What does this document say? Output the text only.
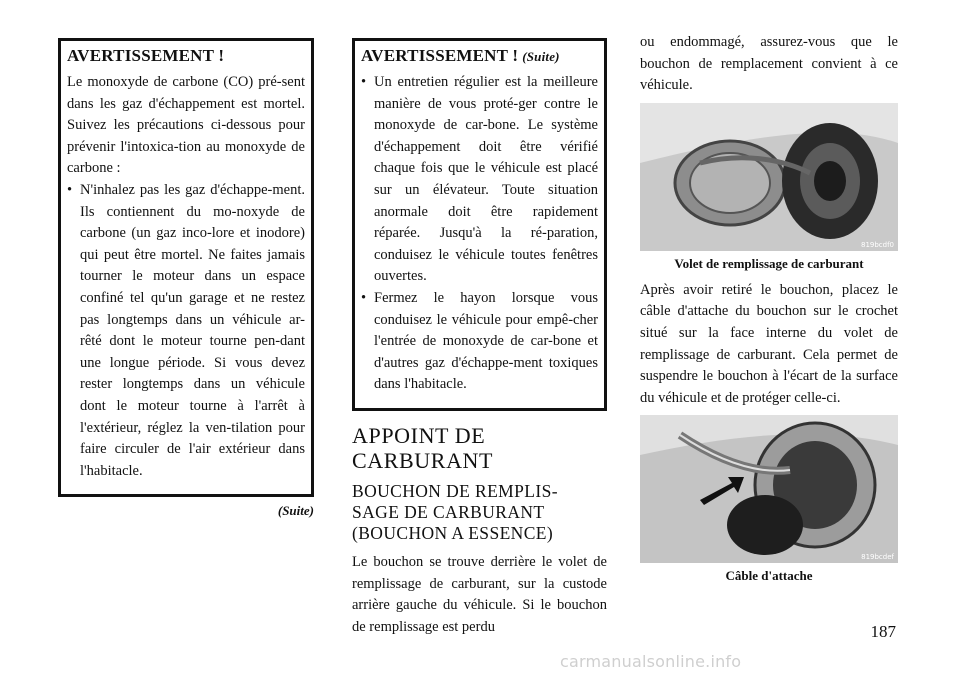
AVERTISSEMENT !

Le monoxyde de carbone (CO) pré-sent dans les gaz d'échappement est mortel. Suivez les précautions ci-dessous pour prévenir l'intoxica-tion au monoxyde de carbone :

• N'inhalez pas les gaz d'échappe-ment. Ils contiennent du mo-noxyde de carbone (un gaz inco-lore et inodore) qui peut être mortel. Ne faites jamais tourner le moteur dans un espace confiné tel qu'un garage et ne restez pas longtemps dans un véhicule ar-rêté dont le moteur tourne pen-dant une longue période. Si vous devez rester longtemps dans un véhicule dont le moteur tourne à l'arrêt à l'extérieur, réglez la ven-tilation pour faire circuler de l'air extérieur dans l'habitacle.
(Suite)
AVERTISSEMENT ! (Suite)
• Un entretien régulier est la meilleure manière de vous proté-ger contre le monoxyde de car-bone. Le système d'échappement doit être vérifié chaque fois que le véhicule est placé sur un élévateur. Toute situation anormale doit être rapidement réparée. Jusqu'à la ré-paration, conduisez le véhicule toutes fenêtres ouvertes.
• Fermez le hayon lorsque vous conduisez le véhicule pour empê-cher l'entrée de monoxyde de car-bone et d'autres gaz d'échappe-ment toxiques dans l'habitacle.
APPOINT DE CARBURANT
BOUCHON DE REMPLIS-SAGE DE CARBURANT (BOUCHON A ESSENCE)

Le bouchon se trouve derrière le volet de remplissage de carburant, sur la custode arrière gauche du véhicule. Si le bouchon de remplissage est perdu

ou endommagé, assurez-vous que le bouchon de remplacement convient à ce véhicule.

819bcdf0
Volet de remplissage de carburant

Après avoir retiré le bouchon, placez le câble d'attache du bouchon sur le crochet situé sur la face interne du volet de remplissage de carburant. Cela permet de suspendre le bouchon à l'écart de la surface du véhicule et de protéger celle-ci.

819bcdef
Câble d'attache
187
carmanualsonline.info
